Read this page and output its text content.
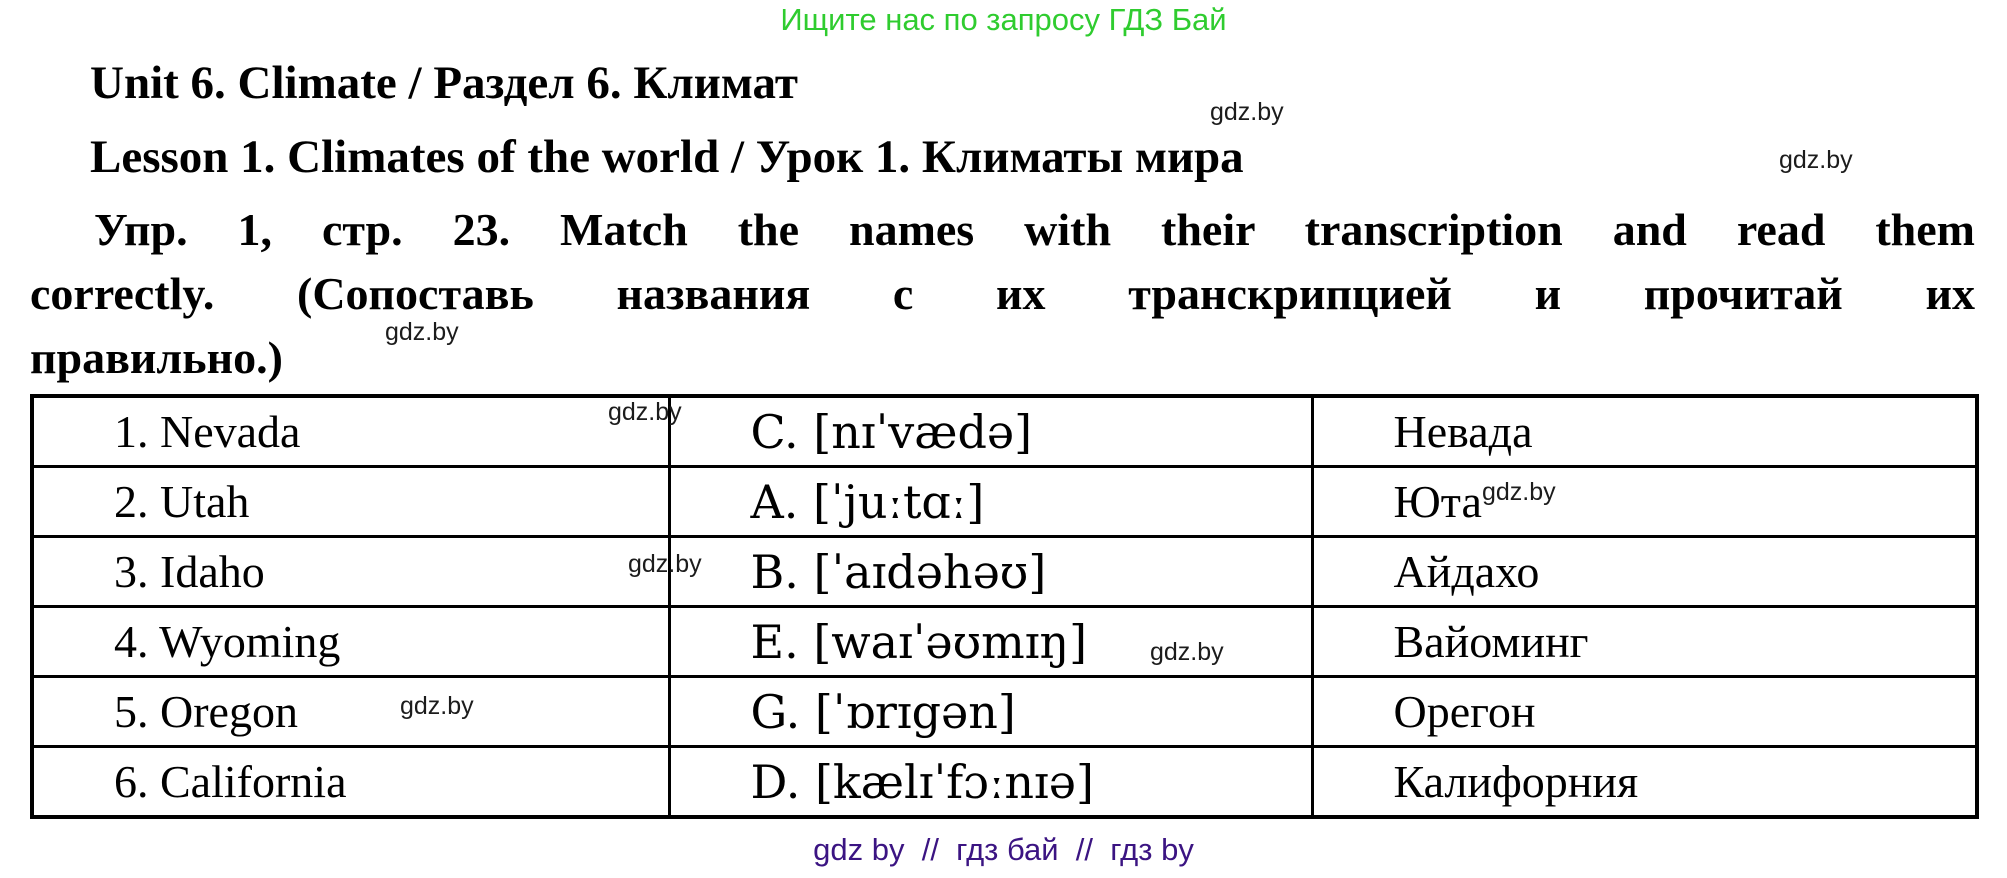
Ищите нас по запросу ГДЗ Бай
Unit 6. Climate / Раздел 6. Климат
Lesson 1. Climates of the world / Урок 1. Климаты мира
Упр. 1, стр. 23. Match the names with their transcription and read them
correctly. (Сопоставь названия с их транскрипцией и прочитай их
правильно.)
1. Nevada	C. [nɪˈvædə]	Невада
2. Utah	A. [ˈjuːtɑː]	Юта
3. Idaho	B. [ˈaɪdəhəʊ]	Айдахо
4. Wyoming	E. [waɪˈəʊmɪŋ]	Вайоминг
5. Oregon	G. [ˈɒrɪgən]	Орегон
6. California	D. [kælɪˈfɔːnɪə]	Калифорния
gdz.by
gdz.by
gdz.by
gdz.by
gdz.by
gdz.by
gdz.by
gdz.by
gdz by  //  гдз бай  //  гдз by
